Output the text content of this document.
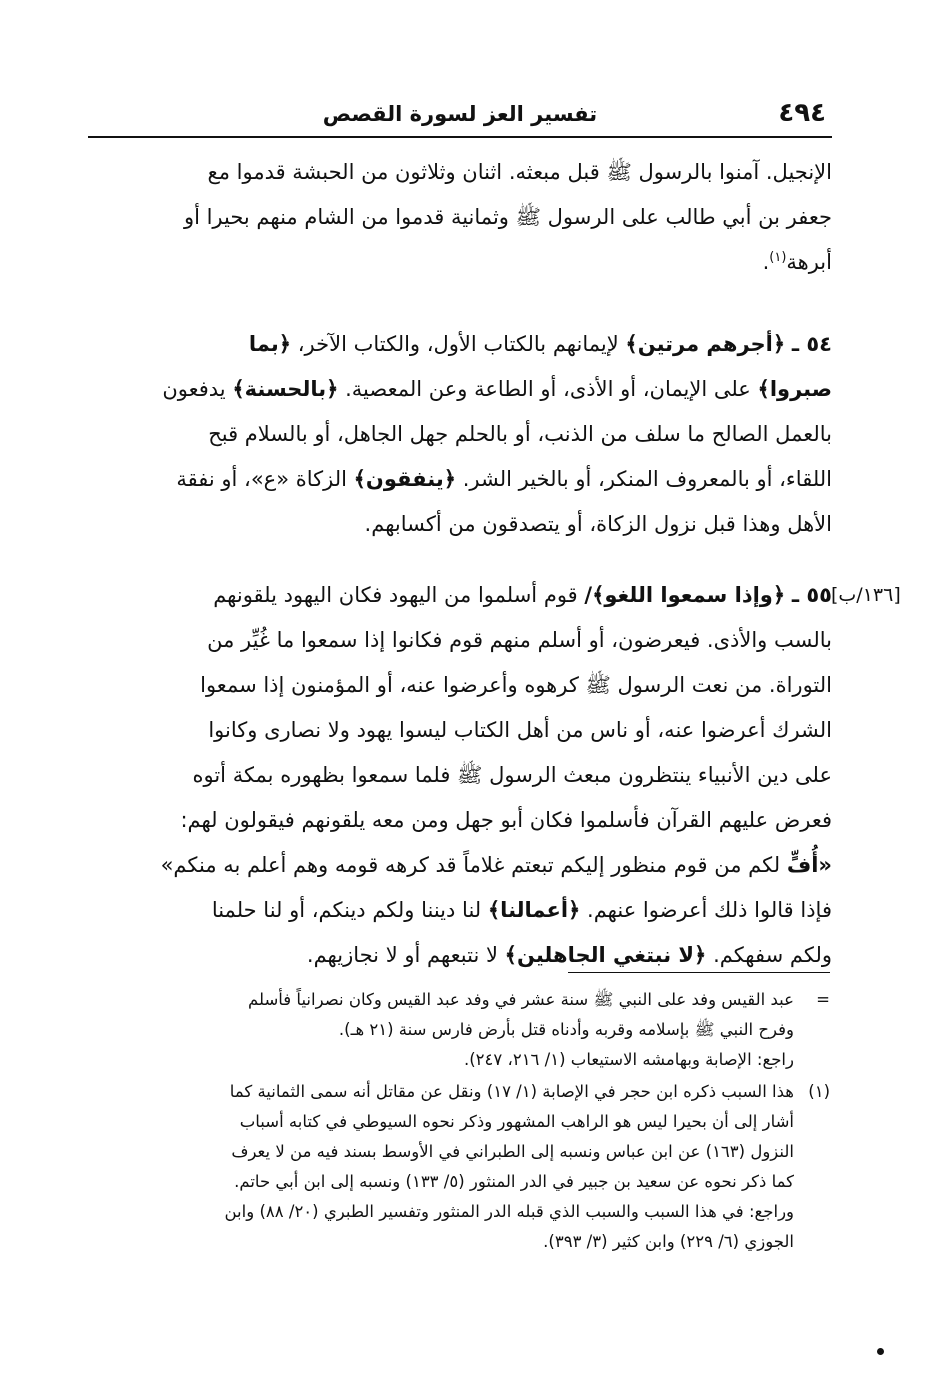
٤٩٤
تفسير العز لسورة القصص
الإنجيل. آمنوا بالرسول ﷺ قبل مبعثه. اثنان وثلاثون من الحبشة قدموا مع
جعفر بن أبي طالب على الرسول ﷺ وثمانية قدموا من الشام منهم بحيرا أو
أبرهة$^{(١)}$.
٥٤ ـ ﴿أجرهم مرتين﴾ لإيمانهم بالكتاب الأول، والكتاب الآخر، ﴿بما
صبروا﴾ على الإيمان، أو الأذى، أو الطاعة وعن المعصية. ﴿بالحسنة﴾ يدفعون
بالعمل الصالح ما سلف من الذنب، أو بالحلم جهل الجاهل، أو بالسلام قبح
اللقاء، أو بالمعروف المنكر، أو بالخير الشر. ﴿ينفقون﴾ الزكاة «ع»، أو نفقة
الأهل وهذا قبل نزول الزكاة، أو يتصدقون من أكسابهم.
[١٣٦/ب]
٥٥ ـ ﴿وإذا سمعوا اللغو﴾/ قوم أسلموا من اليهود فكان اليهود يلقونهم
بالسب والأذى. فيعرضون، أو أسلم منهم قوم فكانوا إذا سمعوا ما غُيِّر من
التوراة. من نعت الرسول ﷺ كرهوه وأعرضوا عنه، أو المؤمنون إذا سمعوا
الشرك أعرضوا عنه، أو ناس من أهل الكتاب ليسوا يهود ولا نصارى وكانوا
على دين الأنبياء ينتظرون مبعث الرسول ﷺ فلما سمعوا بظهوره بمكة أتوه
فعرض عليهم القرآن فأسلموا فكان أبو جهل ومن معه يلقونهم فيقولون لهم:
«أُفٍّ لكم من قوم منظور إليكم تبعتم غلاماً قد كرهه قومه وهم أعلم به منكم»
فإذا قالوا ذلك أعرضوا عنهم. ﴿أعمالنا﴾ لنا ديننا ولكم دينكم، أو لنا حلمنا
ولكم سفهكم. ﴿لا نبتغي الجاهلين﴾ لا نتبعهم أو لا نجازيهم.
=
عبد القيس وفد على النبي ﷺ سنة عشر في وفد عبد القيس وكان نصرانياً فأسلم
وفرح النبي ﷺ بإسلامه وقربه وأدناه قتل بأرض فارس سنة (٢١ هـ).
راجع: الإصابة وبهامشه الاستيعاب (١/ ٢١٦، ٢٤٧).
(١)
هذا السبب ذكره ابن حجر في الإصابة (١/ ١٧) ونقل عن مقاتل أنه سمى الثمانية كما
أشار إلى أن بحيرا ليس هو الراهب المشهور وذكر نحوه السيوطي في كتابه أسباب
النزول (١٦٣) عن ابن عباس ونسبه إلى الطبراني في الأوسط بسند فيه من لا يعرف
كما ذكر نحوه عن سعيد بن جبير في الدر المنثور (٥/ ١٣٣) ونسبه إلى ابن أبي حاتم.
وراجع: في هذا السبب والسبب الذي قبله الدر المنثور وتفسير الطبري (٢٠/ ٨٨) وابن
الجوزي (٦/ ٢٢٩) وابن كثير (٣/ ٣٩٣).
